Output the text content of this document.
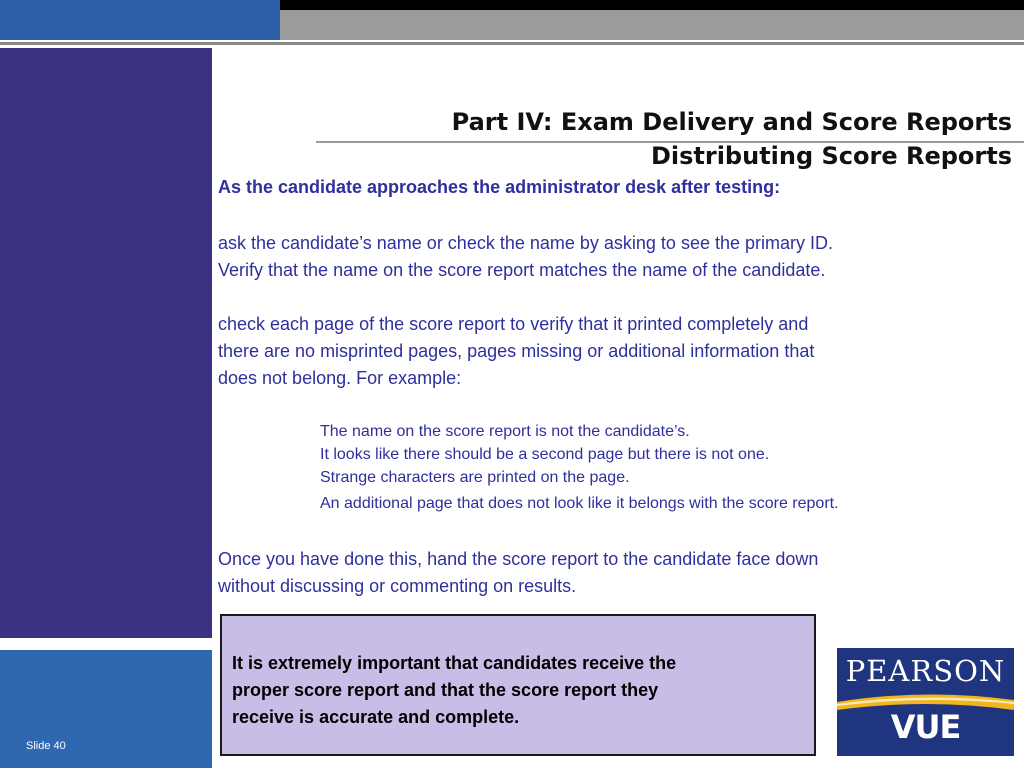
Slide 40
Part IV: Exam Delivery and Score Reports
Distributing Score Reports
As the candidate approaches the administrator desk after testing:
ask the candidate’s name or check the name by asking to see the primary ID.
Verify that the name on the score report matches the name of the candidate.
check each page of the score report to verify that it printed completely and
there are no misprinted pages, pages missing or additional information that
does not belong. For example:
The name on the score report is not the candidate’s.
It looks like there should be a second page but there is not one.
Strange characters are printed on the page.
An additional page that does not look like it belongs with the score report.
Once you have done this, hand the score report to the candidate face down
without discussing or commenting on results.
It is extremely important that candidates receive the
proper score report and that the score report they
receive is accurate and complete.
PEARSON
VUE
